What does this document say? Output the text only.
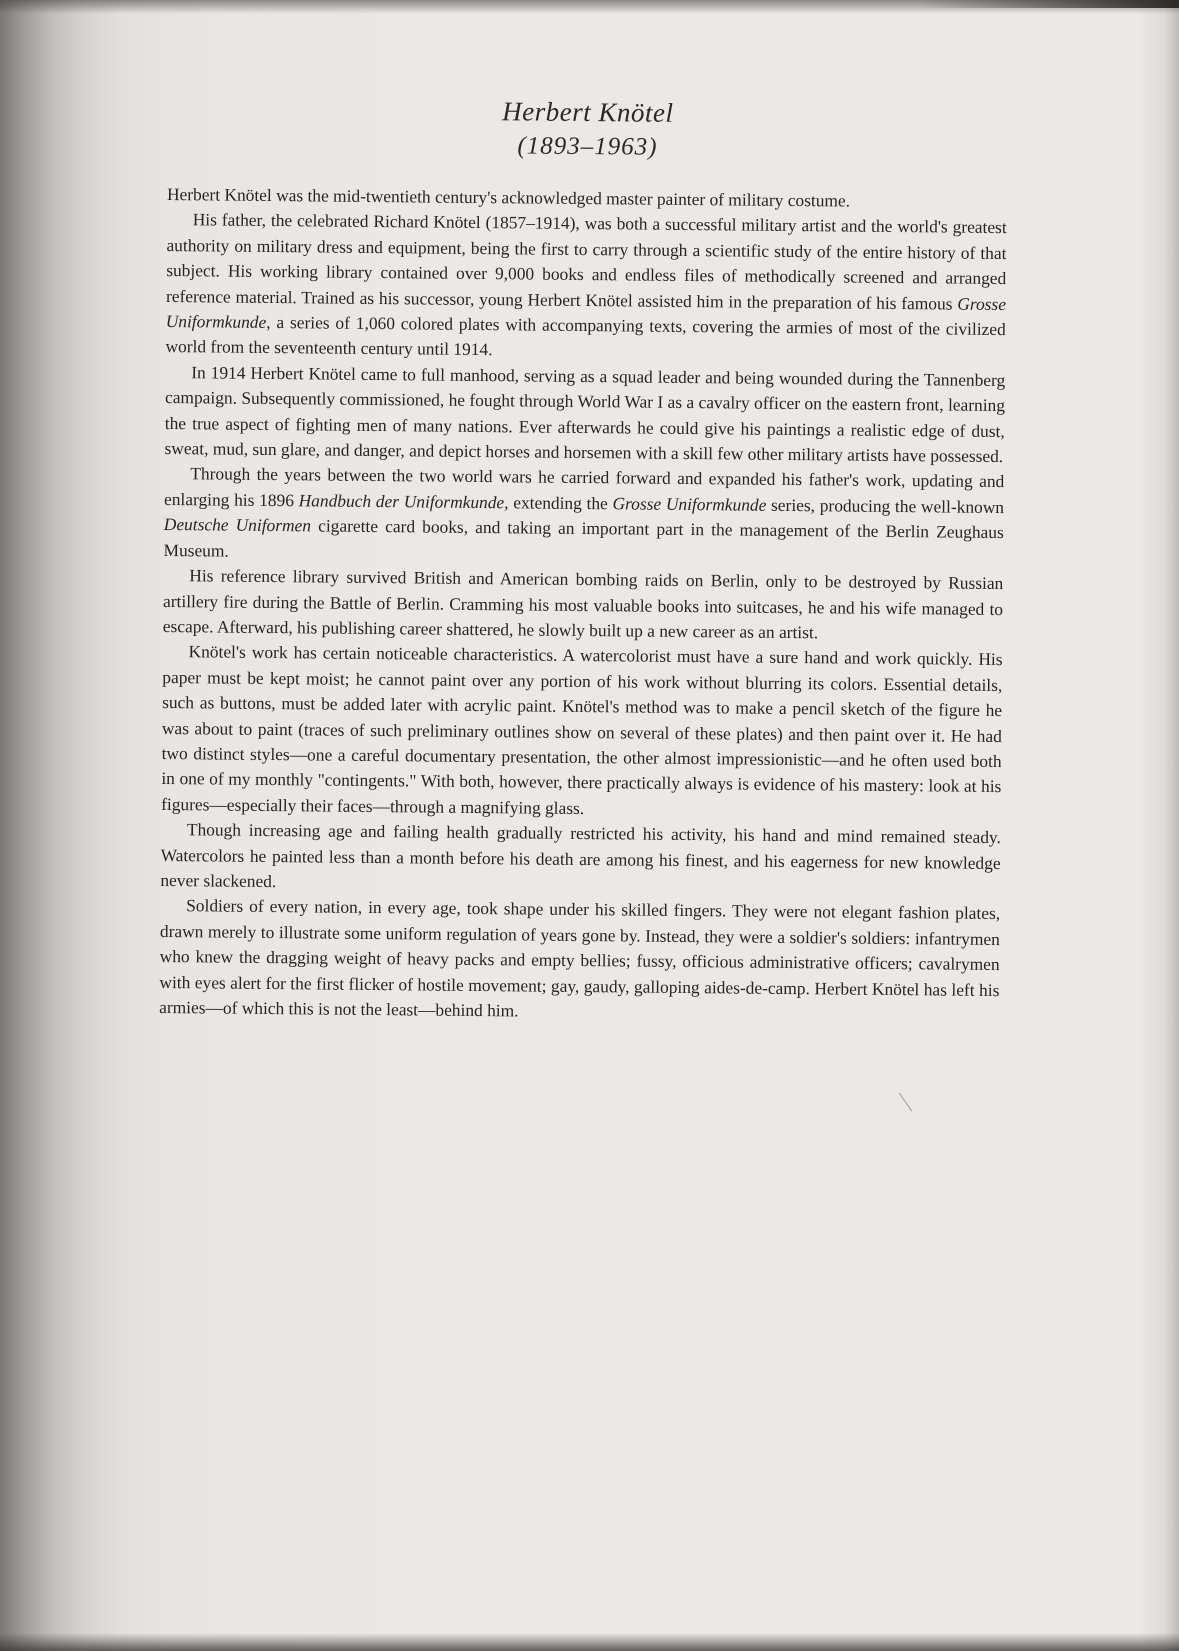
Herbert Knötel
(1893–1963)

Herbert Knötel was the mid-twentieth century's acknowledged master painter of military costume.

His father, the celebrated Richard Knötel (1857–1914), was both a successful military artist and the world's greatest authority on military dress and equipment, being the first to carry through a scientific study of the entire history of that subject. His working library contained over 9,000 books and endless files of methodically screened and arranged reference material. Trained as his successor, young Herbert Knötel assisted him in the preparation of his famous Grosse Uniformkunde, a series of 1,060 colored plates with accompanying texts, covering the armies of most of the civilized world from the seventeenth century until 1914.

In 1914 Herbert Knötel came to full manhood, serving as a squad leader and being wounded during the Tannenberg campaign. Subsequently commissioned, he fought through World War I as a cavalry officer on the eastern front, learning the true aspect of fighting men of many nations. Ever afterwards he could give his paintings a realistic edge of dust, sweat, mud, sun glare, and danger, and depict horses and horsemen with a skill few other military artists have possessed.

Through the years between the two world wars he carried forward and expanded his father's work, updating and enlarging his 1896 Handbuch der Uniformkunde, extending the Grosse Uniformkunde series, producing the well-known Deutsche Uniformen cigarette card books, and taking an important part in the management of the Berlin Zeughaus Museum.

His reference library survived British and American bombing raids on Berlin, only to be destroyed by Russian artillery fire during the Battle of Berlin. Cramming his most valuable books into suitcases, he and his wife managed to escape. Afterward, his publishing career shattered, he slowly built up a new career as an artist.

Knötel's work has certain noticeable characteristics. A watercolorist must have a sure hand and work quickly. His paper must be kept moist; he cannot paint over any portion of his work without blurring its colors. Essential details, such as buttons, must be added later with acrylic paint. Knötel's method was to make a pencil sketch of the figure he was about to paint (traces of such preliminary outlines show on several of these plates) and then paint over it. He had two distinct styles—one a careful documentary presentation, the other almost impressionistic—and he often used both in one of my monthly "contingents." With both, however, there practically always is evidence of his mastery: look at his figures—especially their faces—through a magnifying glass.

Though increasing age and failing health gradually restricted his activity, his hand and mind remained steady. Watercolors he painted less than a month before his death are among his finest, and his eagerness for new knowledge never slackened.

Soldiers of every nation, in every age, took shape under his skilled fingers. They were not elegant fashion plates, drawn merely to illustrate some uniform regulation of years gone by. Instead, they were a soldier's soldiers: infantrymen who knew the dragging weight of heavy packs and empty bellies; fussy, officious administrative officers; cavalrymen with eyes alert for the first flicker of hostile movement; gay, gaudy, galloping aides-de-camp. Herbert Knötel has left his armies—of which this is not the least—behind him.
